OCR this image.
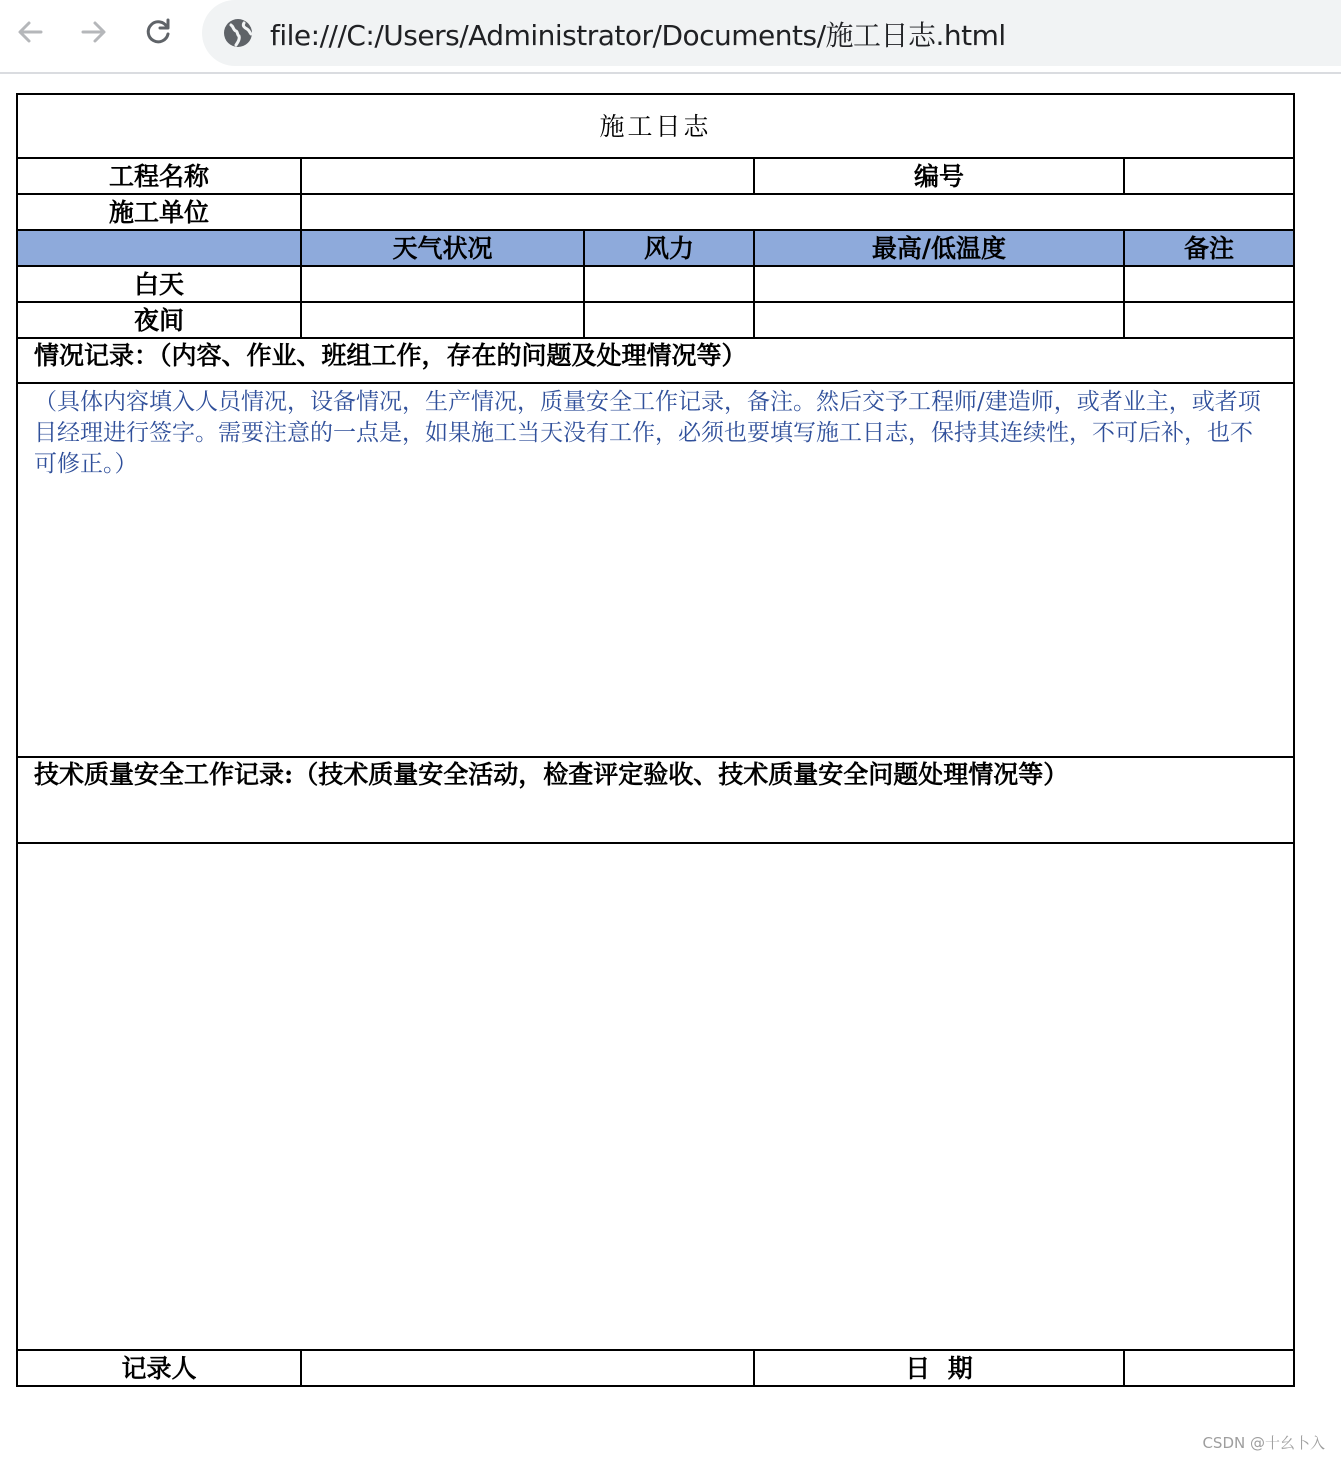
file:///C:/Users/Administrator/Documents/施工日志.html
施工日志				
工程名称			编号	
施工单位				
	天气状况	风力	最高/低温度	备注
白天				
夜间				

情况记录：（内容、作业、班组工作，存在的问题及处理情况等）				

（具体内容填入人员情况，设备情况，生产情况，质量安全工作记录，备注。然后交予工程师/建造师，或者业主，或者项目经理进行签字。需要注意的一点是，如果施工当天没有工作，必须也要填写施工日志，保持其连续性，不可后补，也不可修正。）				

技术质量安全工作记录:（技术质量安全活动，检查评定验收、技术质量安全问题处理情况等）				

记录人			日  期	
CSDN @十幺卜入
